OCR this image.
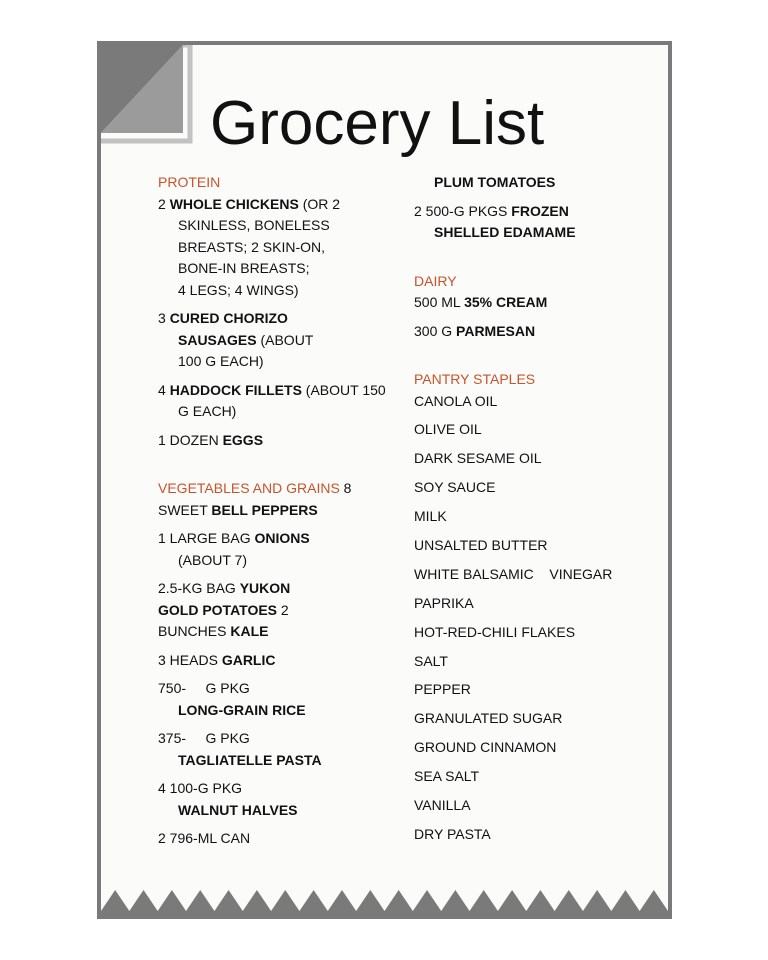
Grocery List
PROTEIN
2 WHOLE CHICKENS (OR 2
SKINLESS, BONELESS
BREASTS; 2 SKIN-ON,
BONE-IN BREASTS;
4 LEGS; 4 WINGS)
3 CURED CHORIZO
SAUSAGES (ABOUT
100 G EACH)
4 HADDOCK FILLETS (ABOUT 150
G EACH)
1 DOZEN EGGS
VEGETABLES AND GRAINS 8
SWEET BELL PEPPERS
1 LARGE BAG ONIONS
(ABOUT 7)
2.5-KG BAG YUKON
GOLD POTATOES 2
BUNCHES KALE
3 HEADS GARLIC
750-     G PKG
LONG-GRAIN RICE
375-     G PKG
TAGLIATELLE PASTA
4 100-G PKG
WALNUT HALVES
2 796-ML CAN
PLUM TOMATOES
2 500-G PKGS FROZEN
SHELLED EDAMAME
DAIRY
500 ML 35% CREAM
300 G PARMESAN
PANTRY STAPLES
CANOLA OIL
OLIVE OIL
DARK SESAME OIL
SOY SAUCE
MILK
UNSALTED BUTTER
WHITE BALSAMIC    VINEGAR
PAPRIKA
HOT-RED-CHILI FLAKES
SALT
PEPPER
GRANULATED SUGAR
GROUND CINNAMON
SEA SALT
VANILLA
DRY PASTA
